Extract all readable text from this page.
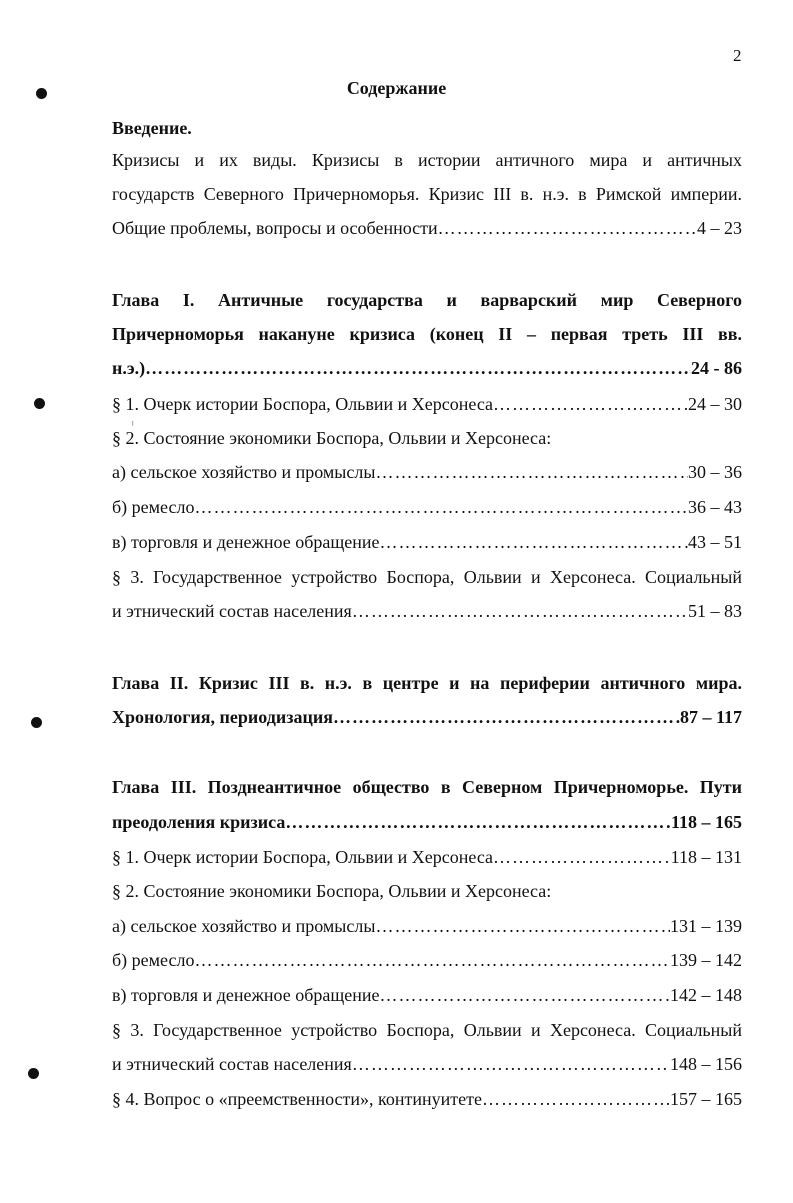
2
Содержание
Введение.
Кризисы и их виды. Кризисы в истории античного мира и античных
государств Северного Причерноморья. Кризис III в. н.э. в Римской империи.
Общие проблемы, вопросы и особенности ………………………………………………………………………………………………………………………………	4 – 23
Глава I. Античные государства и варварский мир Северного
Причерноморья накануне кризиса (конец II – первая треть III вв.
н.э.) ………………………………………………………………………………………………………………………………	24 - 86
ˡ
§ 1. Очерк истории Боспора, Ольвии и Херсонеса ………………………………………………………………………………………………………………………………	24 – 30
§ 2. Состояние экономики Боспора, Ольвии и Херсонеса:
а) сельское хозяйство и промыслы ………………………………………………………………………………………………………………………………	30 – 36
б) ремесло ………………………………………………………………………………………………………………………………	36 – 43
в) торговля и денежное обращение ………………………………………………………………………………………………………………………………	43 – 51
§ 3. Государственное устройство Боспора, Ольвии и Херсонеса. Социальный
и этнический состав населения ………………………………………………………………………………………………………………………………	51 – 83
Глава II. Кризис III в. н.э. в центре и на периферии античного мира.
Хронология, периодизация ………………………………………………………………………………………………………………………………	87 – 117
Глава III. Позднеантичное общество в Северном Причерноморье. Пути
преодоления кризиса ………………………………………………………………………………………………………………………………	118 – 165
§ 1. Очерк истории Боспора, Ольвии и Херсонеса ………………………………………………………………………………………………………………………………	118 – 131
§ 2. Состояние экономики Боспора, Ольвии и Херсонеса:
а) сельское хозяйство и промыслы ………………………………………………………………………………………………………………………………	131 – 139
б) ремесло ………………………………………………………………………………………………………………………………	139 – 142
в) торговля и денежное обращение ………………………………………………………………………………………………………………………………	142 – 148
§ 3. Государственное устройство Боспора, Ольвии и Херсонеса. Социальный
и этнический состав населения ………………………………………………………………………………………………………………………………	148 – 156
§ 4. Вопрос о «преемственности», континуитете ………………………………………………………………………………………………………………………………	157 – 165
